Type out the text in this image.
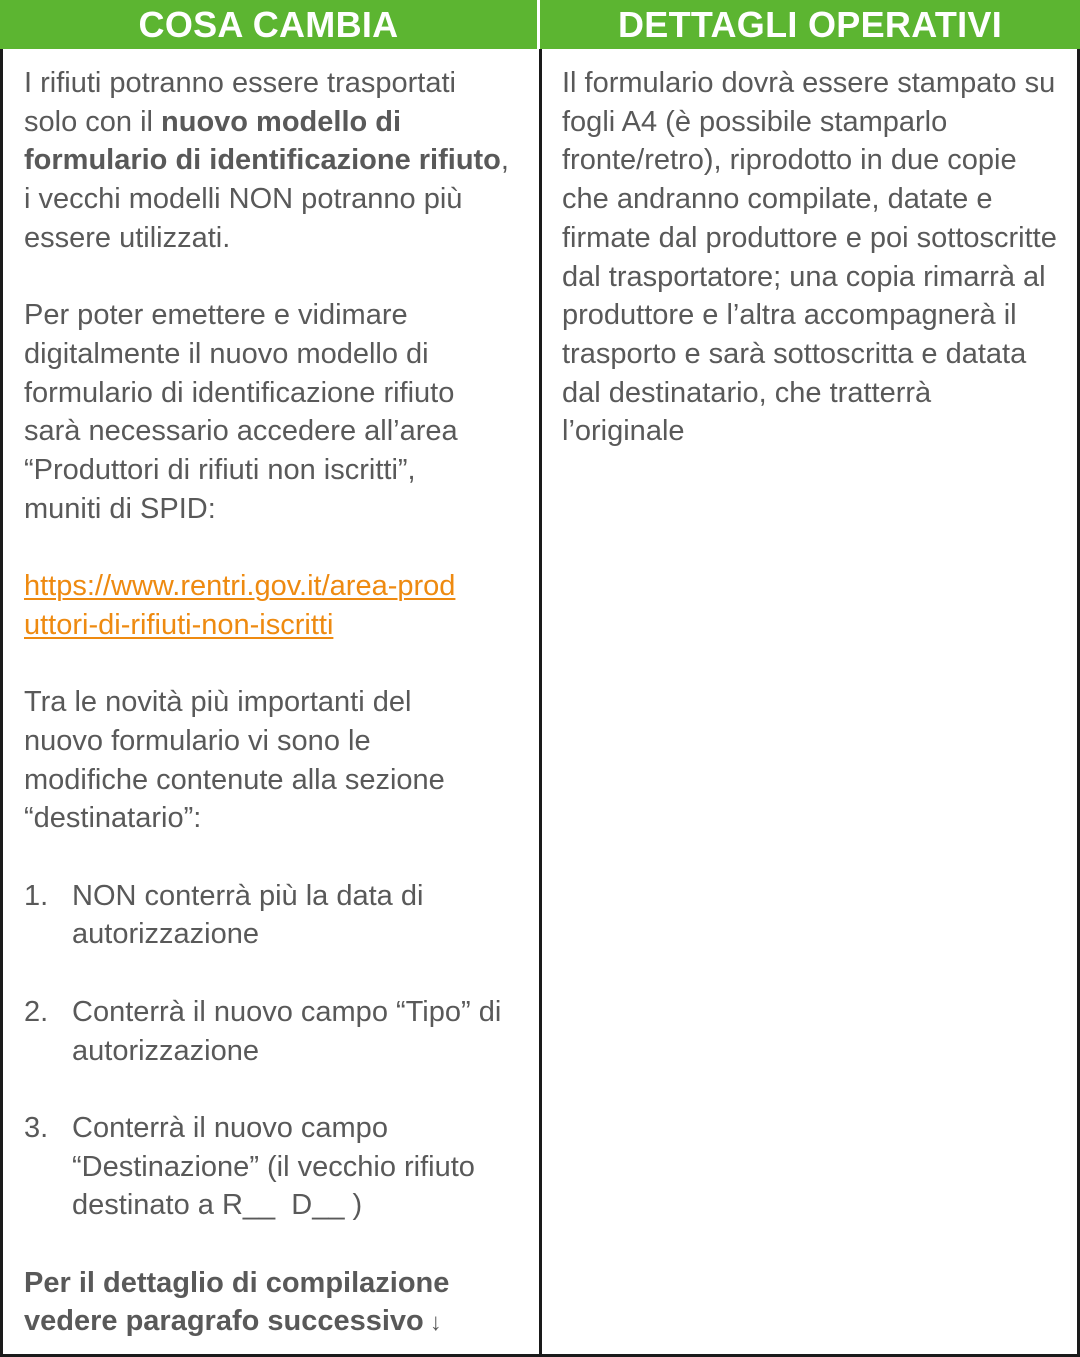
COSA CAMBIA	DETTAGLI OPERATIVI

I rifiuti potranno essere trasportati solo con il nuovo modello di formulario di identificazione rifiuto, i vecchi modelli NON potranno più essere utilizzati.

Per poter emettere e vidimare digitalmente il nuovo modello di formulario di identificazione rifiuto sarà necessario accedere all’area “Produttori di rifiuti non iscritti”, muniti di SPID:

https://www.rentri.gov.it/area-produttori-di-rifiuti-non-iscritti

Tra le novità più importanti del nuovo formulario vi sono le modifiche contenute alla sezione “destinatario”:

1. NON conterrà più la data di autorizzazione
2. Conterrà il nuovo campo “Tipo” di autorizzazione
3. Conterrà il nuovo campo “Destinazione” (il vecchio rifiuto destinato a R__  D__ )

Per il dettaglio di compilazione vedere paragrafo successivo ↓

Il formulario dovrà essere stampato su fogli A4 (è possibile stamparlo fronte/retro), riprodotto in due copie che andranno compilate, datate e firmate dal produttore e poi sottoscritte dal trasportatore; una copia rimarrà al produttore e l’altra accompagnerà il trasporto e sarà sottoscritta e datata dal destinatario, che tratterrà l’originale
